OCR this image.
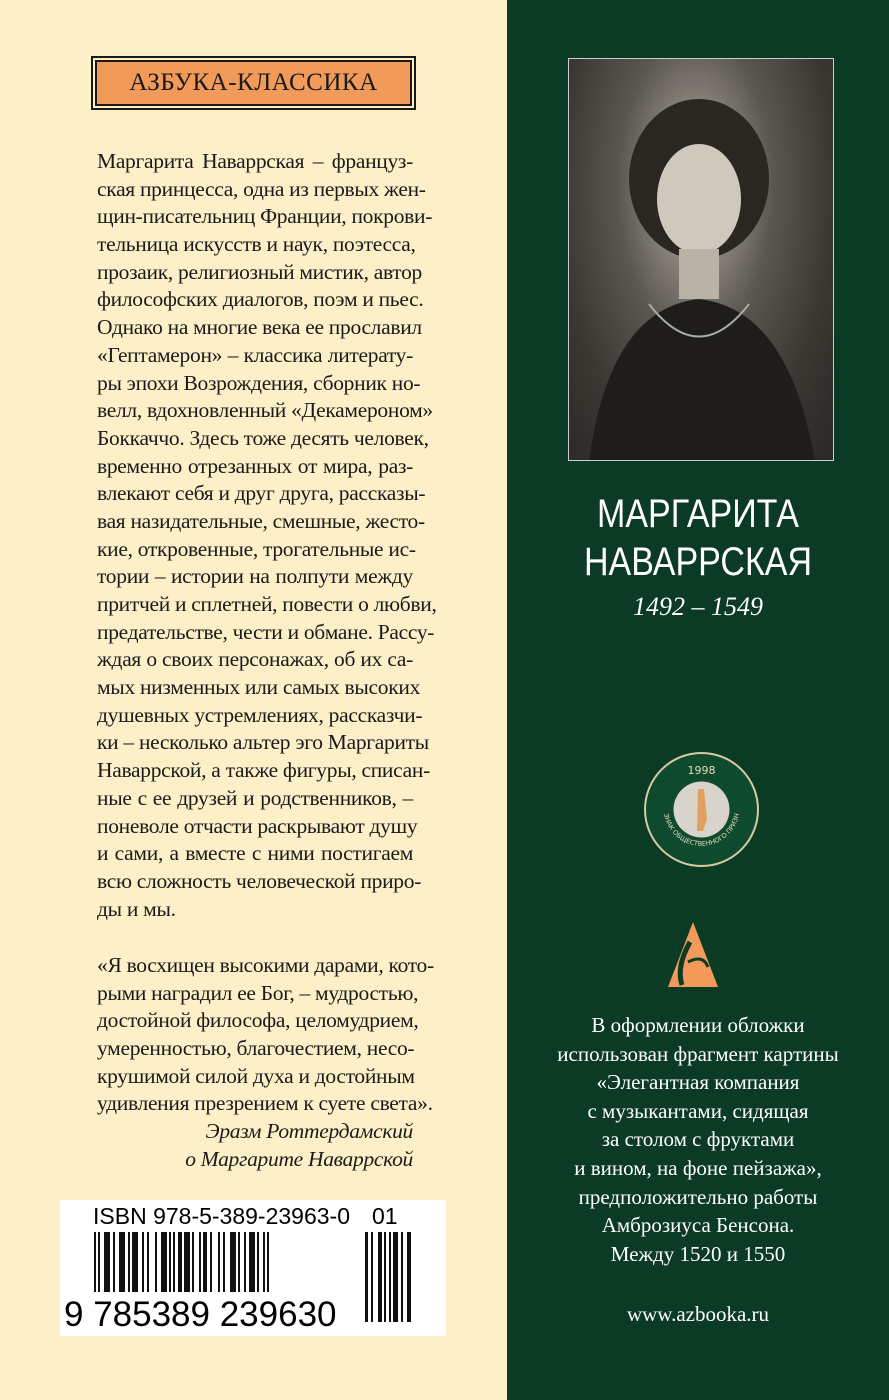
АЗБУКА-КЛАССИКА
Маргарита Наваррская – француз-
ская принцесса, одна из первых жен-
щин-писательниц Франции, покрови-
тельница искусств и наук, поэтесса,
прозаик, религиозный мистик, автор
философских диалогов, поэм и пьес.
Однако на многие века ее прославил
«Гептамерон» – классика литерату-
ры эпохи Возрождения, сборник но-
велл, вдохновленный «Декамероном»
Боккаччо. Здесь тоже десять человек,
временно отрезанных от мира, раз-
влекают себя и друг друга, рассказы-
вая назидательные, смешные, жесто-
кие, откровенные, трогательные ис-
тории – истории на полпути между
притчей и сплетней, повести о любви,
предательстве, чести и обмане. Рассу-
ждая о своих персонажах, об их са-
мых низменных или самых высоких
душевных устремлениях, рассказчи-
ки – несколько альтер эго Маргариты
Наваррской, а также фигуры, списан-
ные с ее друзей и родственников, –
поневоле отчасти раскрывают душу
и сами, а вместе с ними постигаем
всю сложность человеческой приро-
ды и мы.
«Я восхищен высокими дарами, кото-
рыми наградил ее Бог, – мудростью,
достойной философа, целомудрием,
умеренностью, благочестием, несо-
крушимой силой духа и достойным
удивления презрением к суете света».
Эразм Роттердамский
о Маргарите Наваррской
ISBN 978-5-389-23963-0 01
9 785389 239630
МАРГАРИТА
НАВАРРСКАЯ
1492 – 1549
1998
ЗНАК ОБЩЕСТВЕННОГО ПРИЗН
В оформлении обложки
использован фрагмент картины
«Элегантная компания
с музыкантами, сидящая
за столом с фруктами
и вином, на фоне пейзажа»,
предположительно работы
Амброзиуса Бенсона.
Между 1520 и 1550
www.azbooka.ru
